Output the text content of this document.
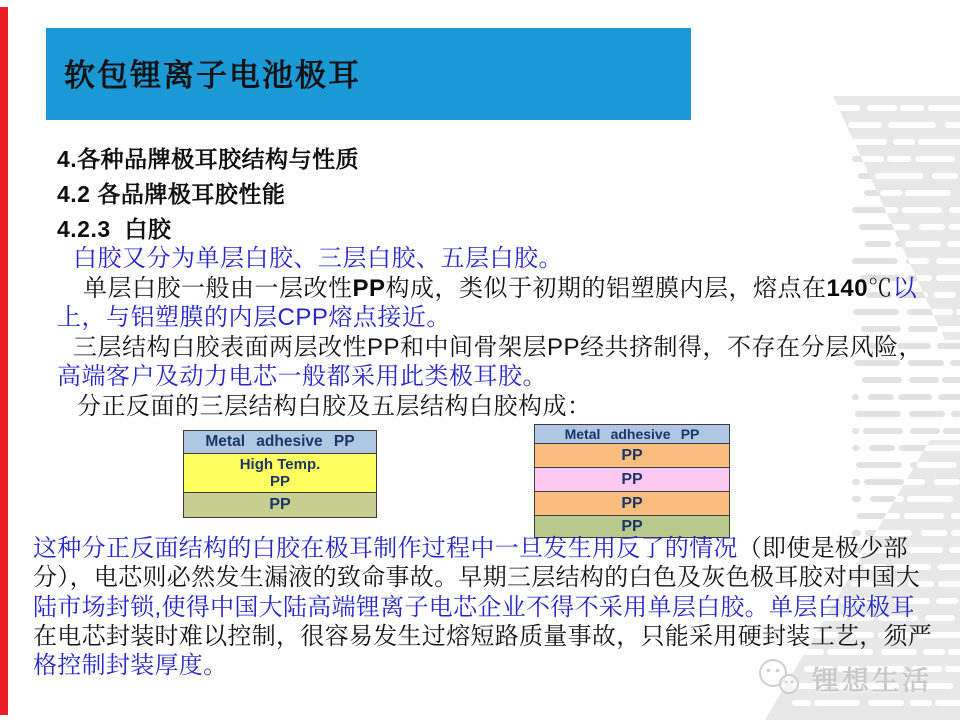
软包锂离子电池极耳
4.各种品牌极耳胶结构与性质
4.2 各品牌极耳胶性能
4.2.3  白胶
白胶又分为单层白胶、三层白胶、五层白胶。
单层白胶一般由一层改性PP构成，类似于初期的铝塑膜内层，熔点在140℃以
上，与铝塑膜的内层CPP熔点接近。
三层结构白胶表面两层改性PP和中间骨架层PP经共挤制得，不存在分层风险，
高端客户及动力电芯一般都采用此类极耳胶。
分正反面的三层结构白胶及五层结构白胶构成：
Metal adhesive PP
High Temp.
PP
PP
Metal adhesive PP
PP
PP
PP
PP
这种分正反面结构的白胶在极耳制作过程中一旦发生用反了的情况（即使是极少部
分），电芯则必然发生漏液的致命事故。早期三层结构的白色及灰色极耳胶对中国大
陆市场封锁,使得中国大陆高端锂离子电芯企业不得不采用单层白胶。单层白胶极耳
在电芯封装时难以控制，很容易发生过熔短路质量事故，只能采用硬封装工艺，须严
格控制封装厚度。	锂想生活
